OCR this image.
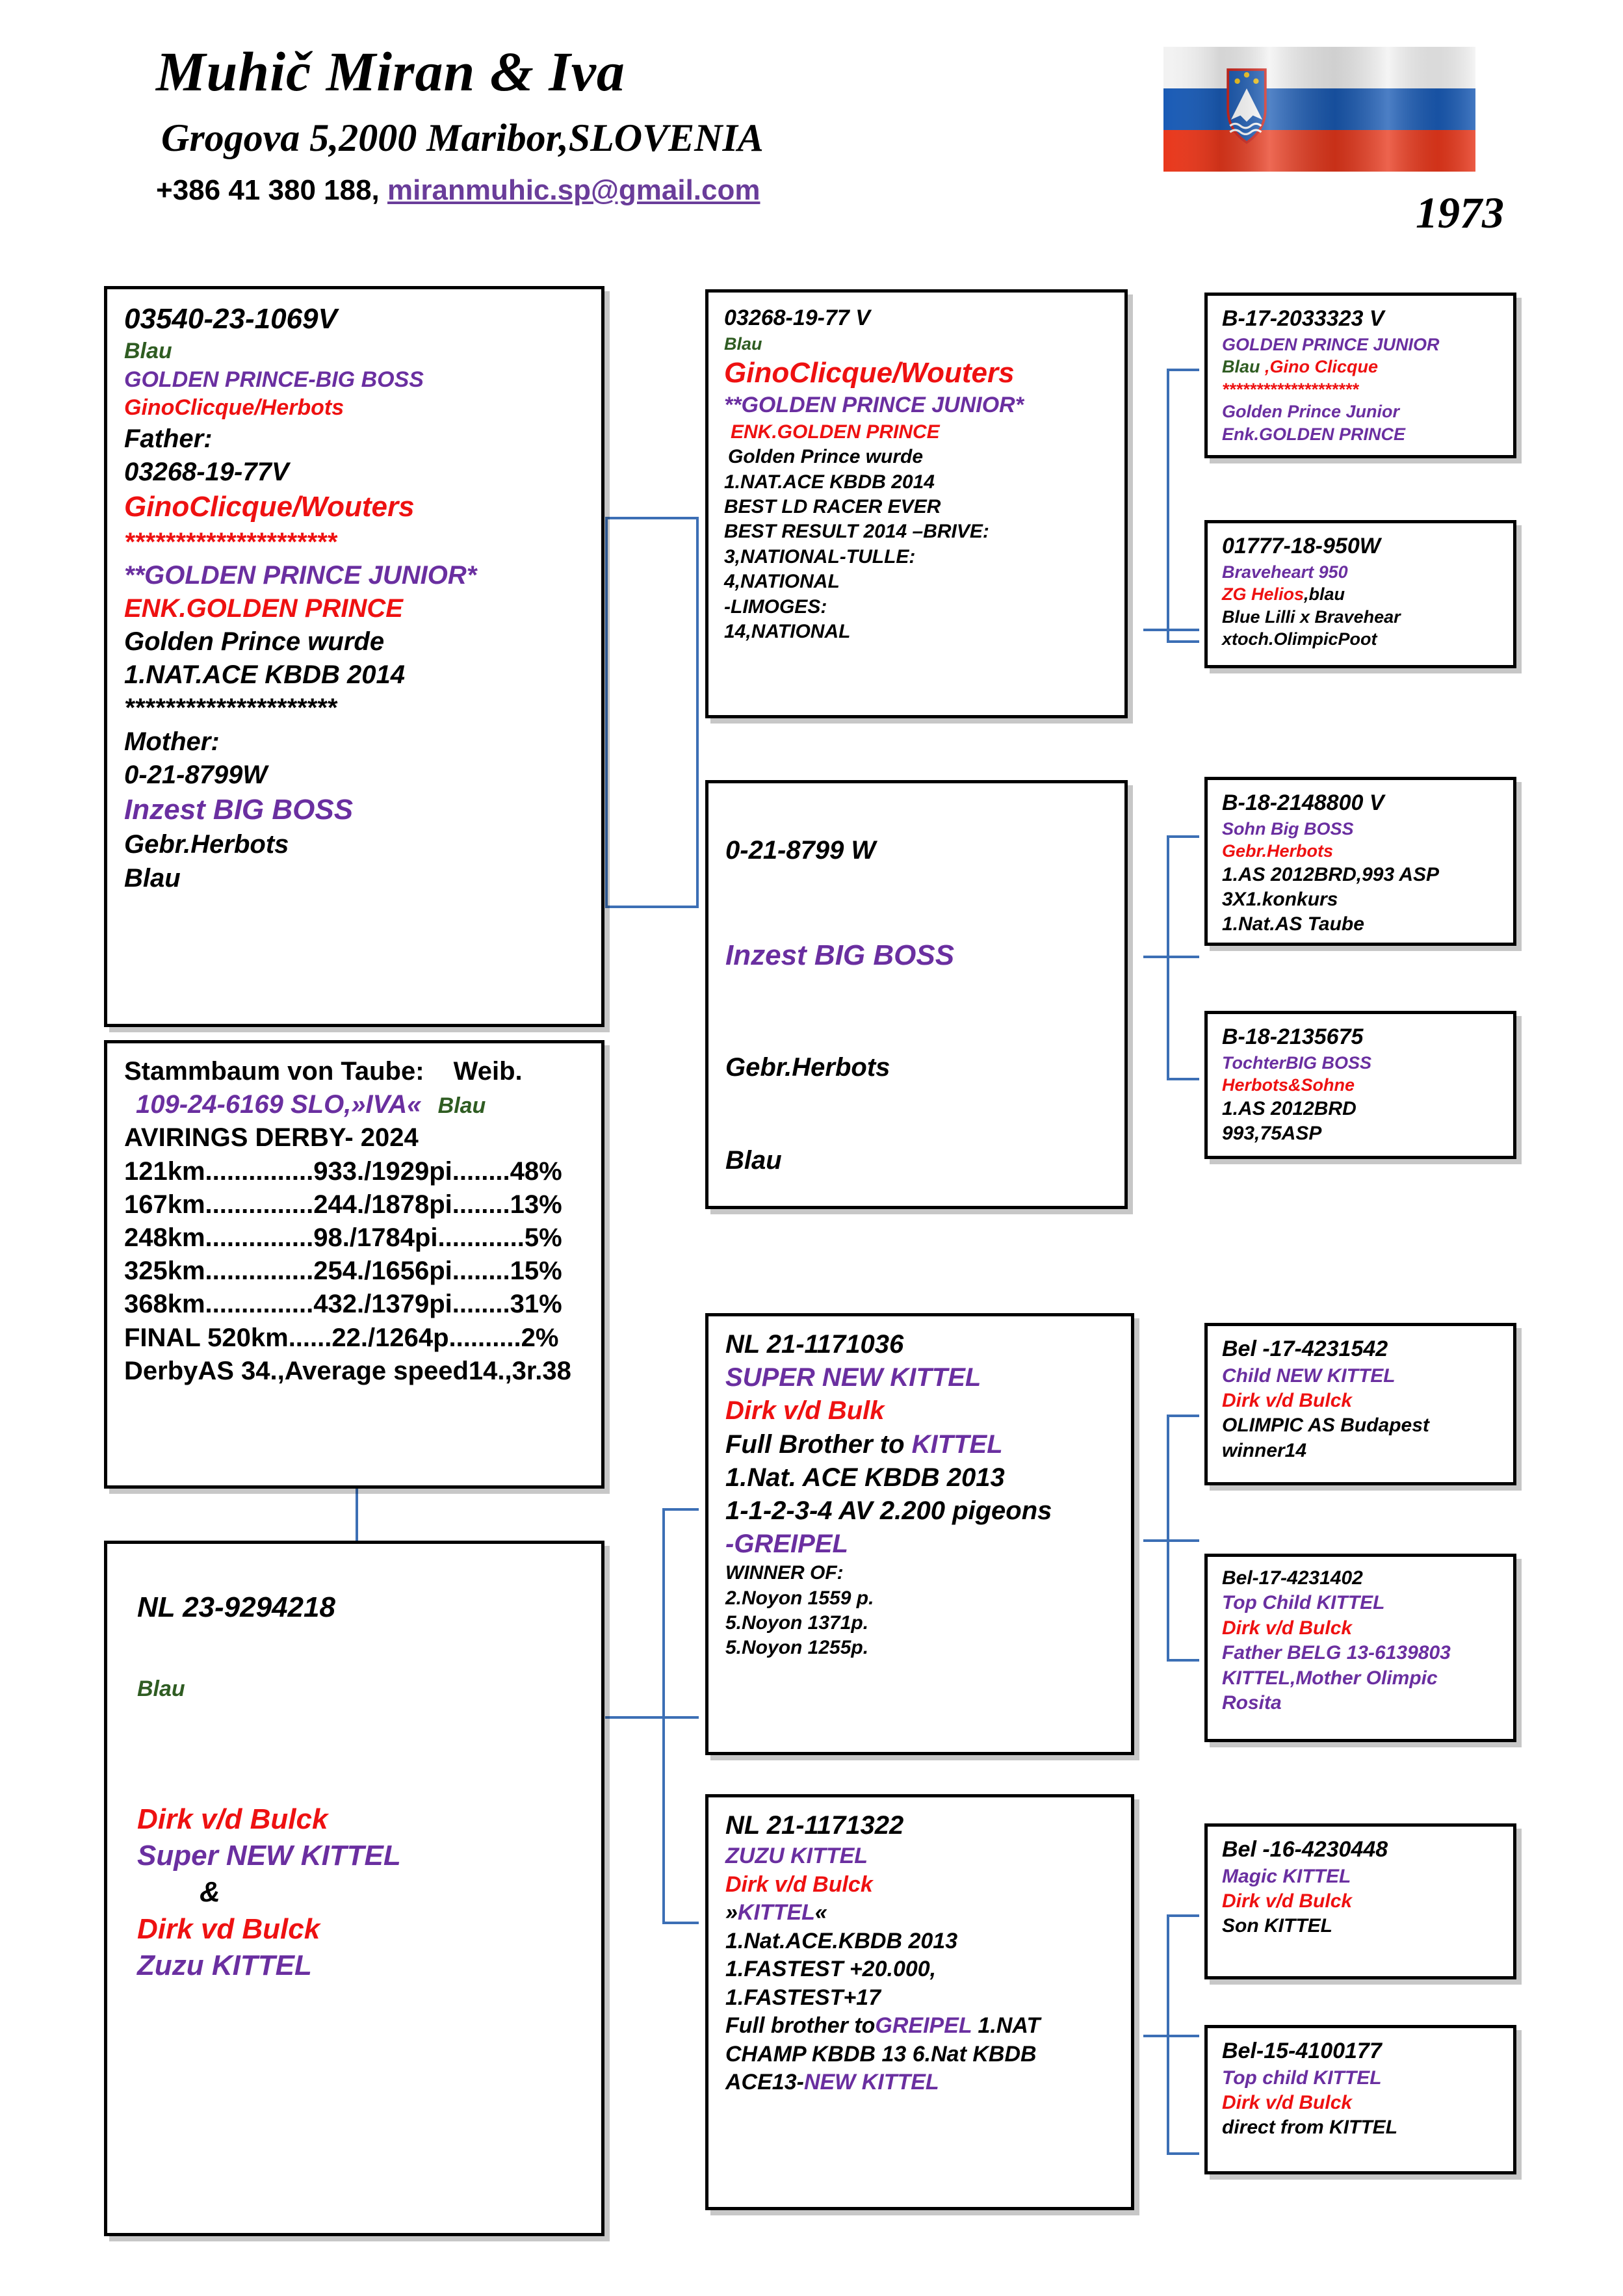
Muhič Miran & Iva
Grogova 5,2000 Maribor,SLOVENIA
+386 41 380 188, miranmuhic.sp@gmail.com	1973
03540-23-1069V
Blau
GOLDEN PRINCE-BIG BOSS
GinoClicque/Herbots
Father:
03268-19-77V
GinoClicque/Wouters
*********************
**GOLDEN PRINCE JUNIOR*
ENK.GOLDEN PRINCE
Golden Prince wurde
1.NAT.ACE KBDB 2014
*********************
Mother:
0-21-8799W
Inzest BIG BOSS
Gebr.Herbots
Blau
Stammbaum von Taube: Weib.
109-24-6169 SLO,»IVA« Blau
AVIRINGS DERBY- 2024
121km...............933./1929pi........48%
167km...............244./1878pi........13%
248km...............98./1784pi............5%
325km...............254./1656pi........15%
368km...............432./1379pi........31%
FINAL 520km......22./1264p..........2%
DerbyAS 34.,Average speed14.,3r.38
NL 23-9294218
Blau
Dirk v/d Bulck
Super NEW KITTEL
&
Dirk vd Bulck
Zuzu KITTEL
03268-19-77 V
Blau
GinoClicque/Wouters
**GOLDEN PRINCE JUNIOR*
ENK.GOLDEN PRINCE
Golden Prince wurde
1.NAT.ACE KBDB 2014
BEST LD RACER EVER
BEST RESULT 2014 –BRIVE:
3,NATIONAL-TULLE:
4,NATIONAL
-LIMOGES:
14,NATIONAL
0-21-8799 W
Inzest BIG BOSS
Gebr.Herbots
Blau
NL 21-1171036
SUPER NEW KITTEL
Dirk v/d Bulk
Full Brother to KITTEL
1.Nat. ACE KBDB 2013
1-1-2-3-4 AV 2.200 pigeons
-GREIPEL
WINNER OF:
2.Noyon 1559 p.
5.Noyon 1371p.
5.Noyon 1255p.
NL 21-1171322
ZUZU KITTEL
Dirk v/d Bulck
»KITTEL«
1.Nat.ACE.KBDB 2013
1.FASTEST +20.000,
1.FASTEST+17
Full brother toGREIPEL 1.NAT
CHAMP KBDB 13 6.Nat KBDB
ACE13-NEW KITTEL
B-17-2033323 V
GOLDEN PRINCE JUNIOR
Blau ,Gino Clicque
********************
Golden Prince Junior
Enk.GOLDEN PRINCE
01777-18-950W
Braveheart 950
ZG Helios,blau
Blue Lilli x Bravehear
xtoch.OlimpicPoot
B-18-2148800 V
Sohn Big BOSS
Gebr.Herbots
1.AS 2012BRD,993 ASP
3X1.konkurs
1.Nat.AS Taube
B-18-2135675
TochterBIG BOSS
Herbots&Sohne
1.AS 2012BRD
993,75ASP
Bel -17-4231542
Child NEW KITTEL
Dirk v/d Bulck
OLIMPIC AS Budapest
winner14
Bel-17-4231402
Top Child KITTEL
Dirk v/d Bulck
Father BELG 13-6139803
KITTEL,Mother Olimpic
Rosita
Bel -16-4230448
Magic KITTEL
Dirk v/d Bulck
Son KITTEL
Bel-15-4100177
Top child KITTEL
Dirk v/d Bulck
direct from KITTEL
